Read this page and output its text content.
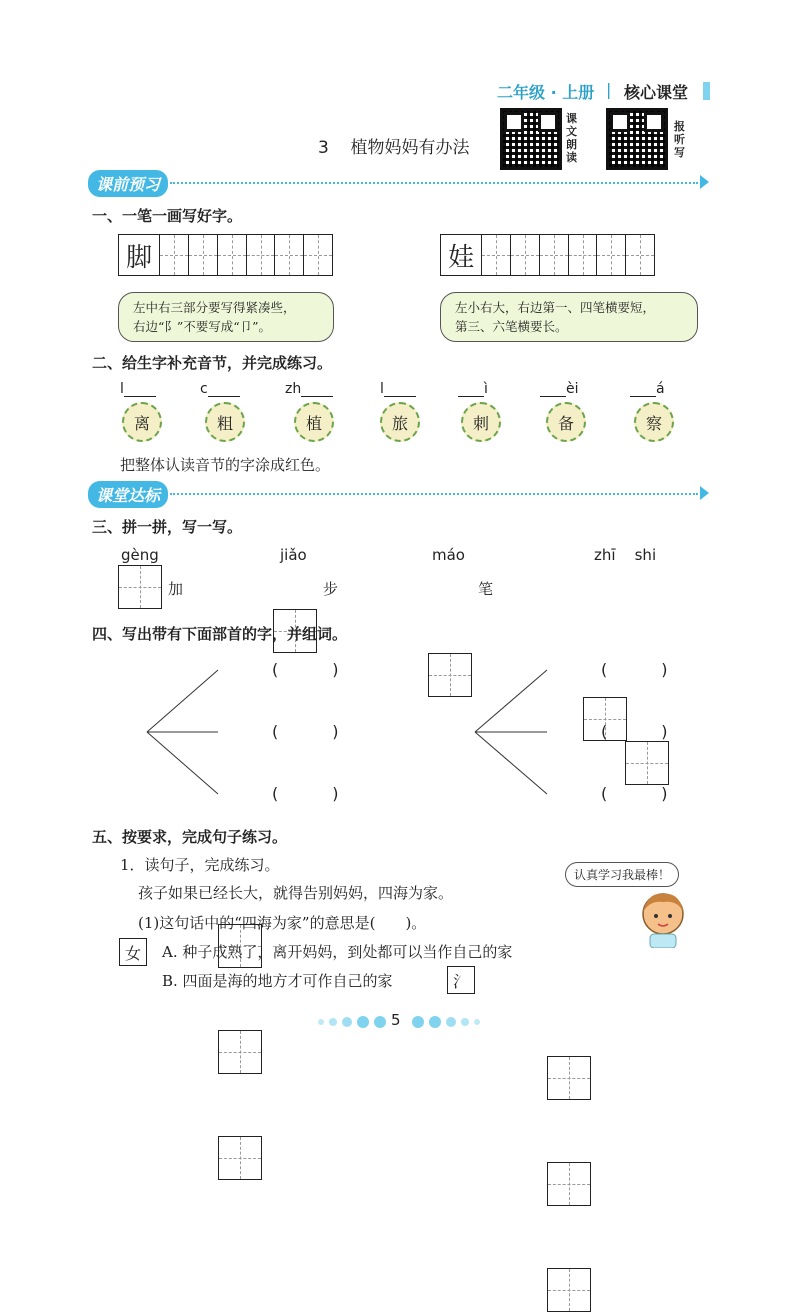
二年级 · 上册 | 核心课堂
3 植物妈妈有办法
课文朗读
报听写
课前预习
一、一笔一画写好字。
脚	娃
左中右三部分要写得紧凑些，
右边“阝”不要写成“卩”。
左小右大，右边第一、四笔横要短，
第三、六笔横要长。
二、给生字补充音节，并完成练习。
l	c	zh	l	ì	èi	á
离	粗	植	旅	刺	备	察
把整体认读音节的字涂成红色。
课堂达标
三、拼一拼，写一写。
gèng
加
jiǎo
步
máo
笔
zhī    shi
四、写出带有下面部首的字，并组词。
女
氵
(	)
(	)
(	)
(	)
(	)
(	)
五、按要求，完成句子练习。
1．读句子，完成练习。
孩子如果已经长大，就得告别妈妈，四海为家。
(1)这句话中的“四海为家”的意思是(　　)。
A. 种子成熟了，离开妈妈，到处都可以当作自己的家
B. 四面是海的地方才可作自己的家
认真学习我最棒！
5
